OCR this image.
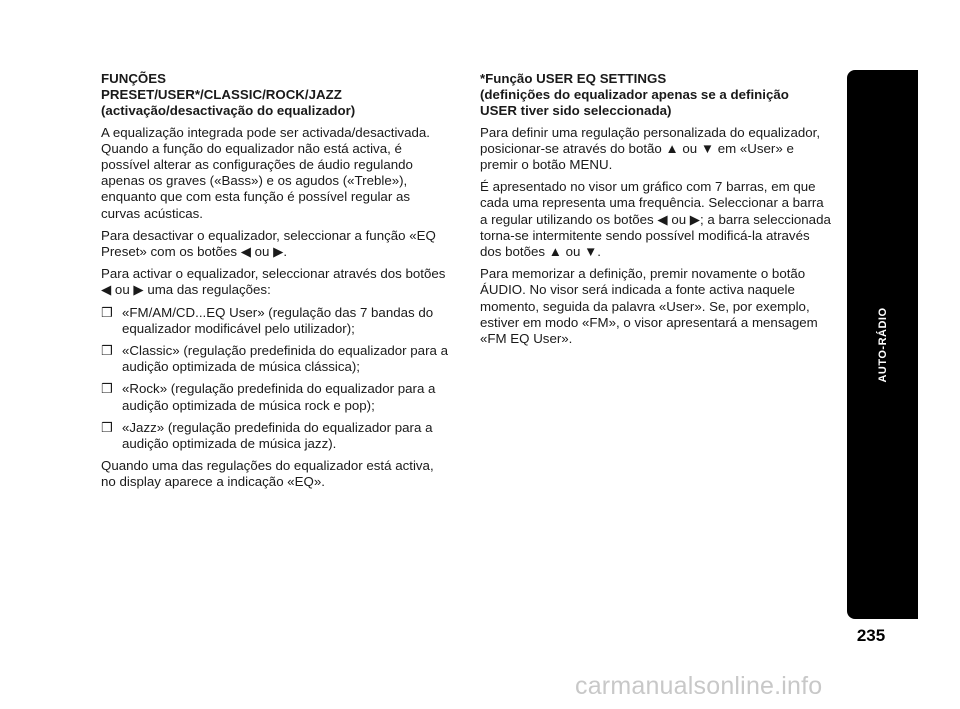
FUNÇÕES
PRESET/USER*/CLASSIC/ROCK/JAZZ
(activação/desactivação do equalizador)

A equalização integrada pode ser activada/desactivada. Quando a função do equalizador não está activa, é possível alterar as configurações de áudio regulando apenas os graves («Bass») e os agudos («Treble»), enquanto que com esta função é possível regular as curvas acústicas.

Para desactivar o equalizador, seleccionar a função «EQ Preset» com os botões ◀ ou ▶.

Para activar o equalizador, seleccionar através dos botões ◀ ou ▶ uma das regulações:

❒ «FM/AM/CD...EQ User» (regulação das 7 bandas do equalizador modificável pelo utilizador);
❒ «Classic» (regulação predefinida do equalizador para a audição optimizada de música clássica);
❒ «Rock» (regulação predefinida do equalizador para a audição optimizada de música rock e pop);
❒ «Jazz» (regulação predefinida do equalizador para a audição optimizada de música jazz).

Quando uma das regulações do equalizador está activa, no display aparece a indicação «EQ».

*Função USER EQ SETTINGS
(definições do equalizador apenas se a definição
USER tiver sido seleccionada)

Para definir uma regulação personalizada do equalizador, posicionar-se através do botão ▲ ou ▼ em «User» e premir o botão MENU.

É apresentado no visor um gráfico com 7 barras, em que cada uma representa uma frequência. Seleccionar a barra a regular utilizando os botões ◀ ou ▶; a barra seleccionada torna-se intermitente sendo possível modificá-la através dos botões ▲ ou ▼.

Para memorizar a definição, premir novamente o botão ÁUDIO. No visor será indicada a fonte activa naquele momento, seguida da palavra «User». Se, por exemplo, estiver em modo «FM», o visor apresentará a mensagem «FM EQ User».	AUTO-RÁDIO
235
carmanualsonline.info
